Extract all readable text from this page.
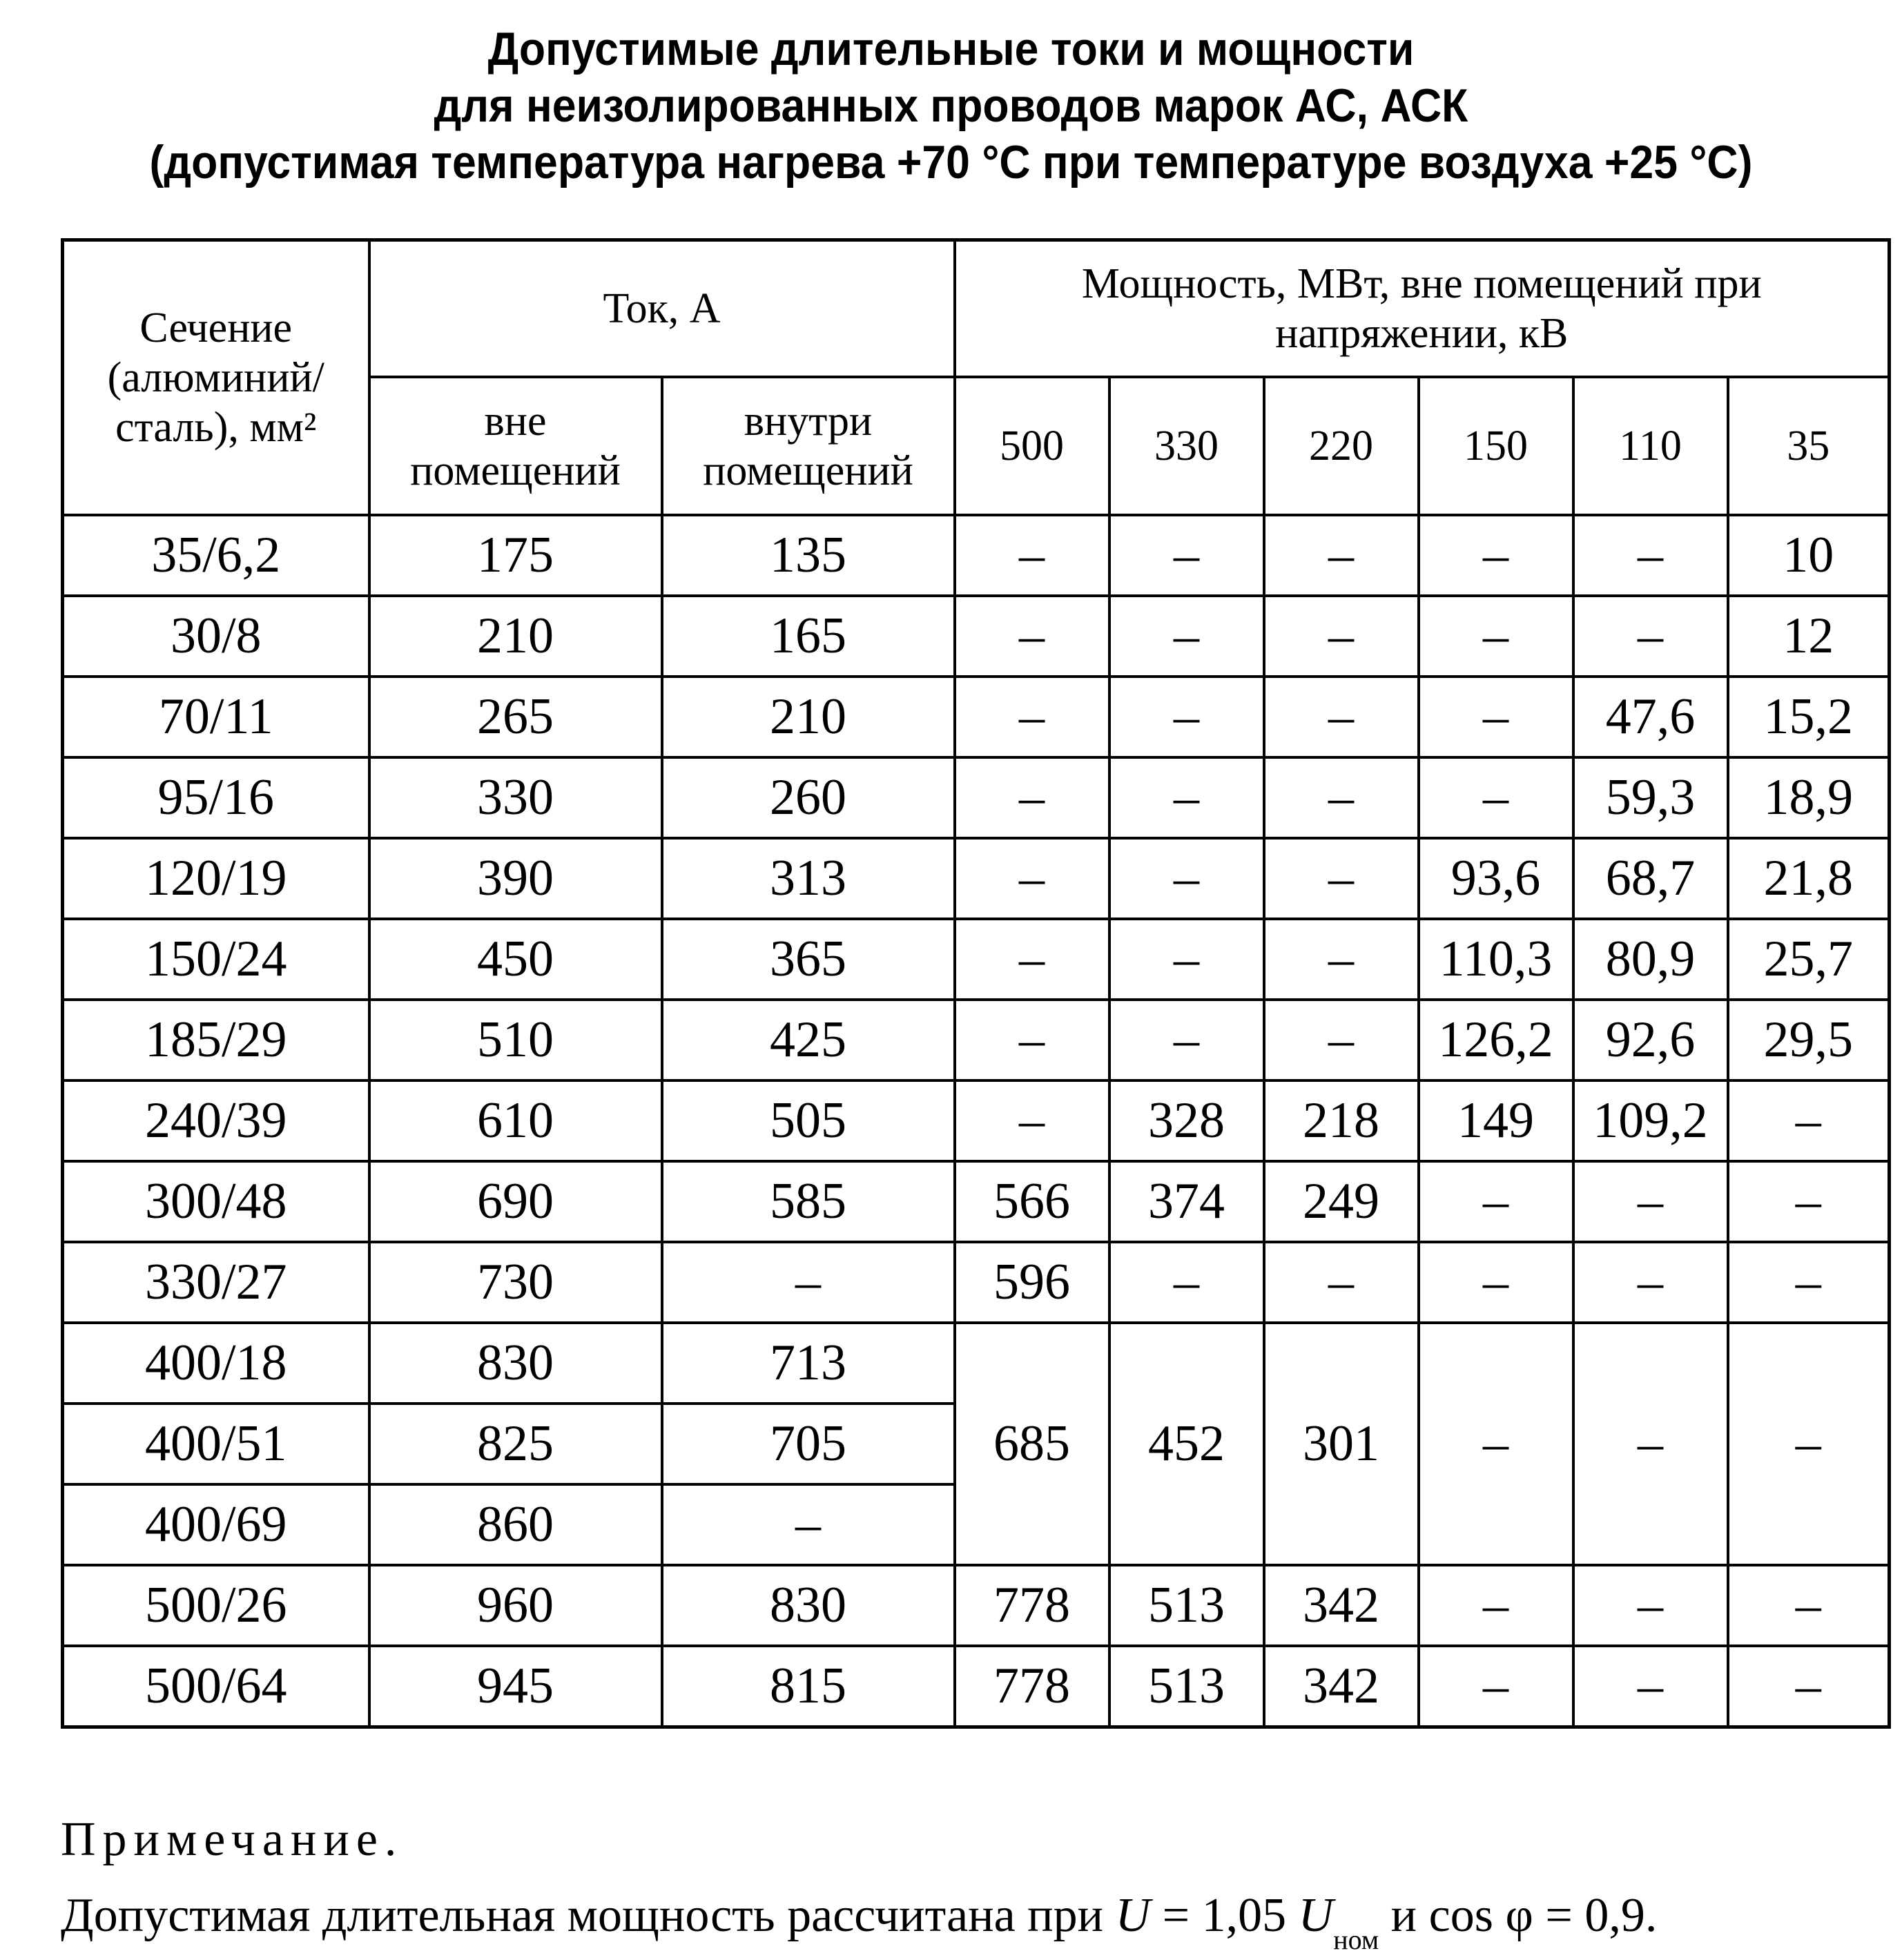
Допустимые длительные токи и мощности
для неизолированных проводов марок АС, АСК
(допустимая температура нагрева +70 °С при температуре воздуха +25 °С)
Сечение (алюминий/ сталь), мм²	Ток, А		Мощность, МВт, вне помещений при напряжении, кВ					
	вне помещений	внутри помещений	500	330	220	150	110	35
35/6,2	175	135	–	–	–	–	–	10
30/8	210	165	–	–	–	–	–	12
70/11	265	210	–	–	–	–	47,6	15,2
95/16	330	260	–	–	–	–	59,3	18,9
120/19	390	313	–	–	–	93,6	68,7	21,8
150/24	450	365	–	–	–	110,3	80,9	25,7
185/29	510	425	–	–	–	126,2	92,6	29,5
240/39	610	505	–	328	218	149	109,2	–
300/48	690	585	566	374	249	–	–	–
330/27	730	–	596	–	–	–	–	–
400/18	830	713	685	452	301	–	–	–
400/51	825	705						
400/69	860	–						
500/26	960	830	778	513	342	–	–	–
500/64	945	815	778	513	342	–	–	–
Примечание.
Допустимая длительная мощность рассчитана при U = 1,05 $U_{ном}$ и cos φ = 0,9.
